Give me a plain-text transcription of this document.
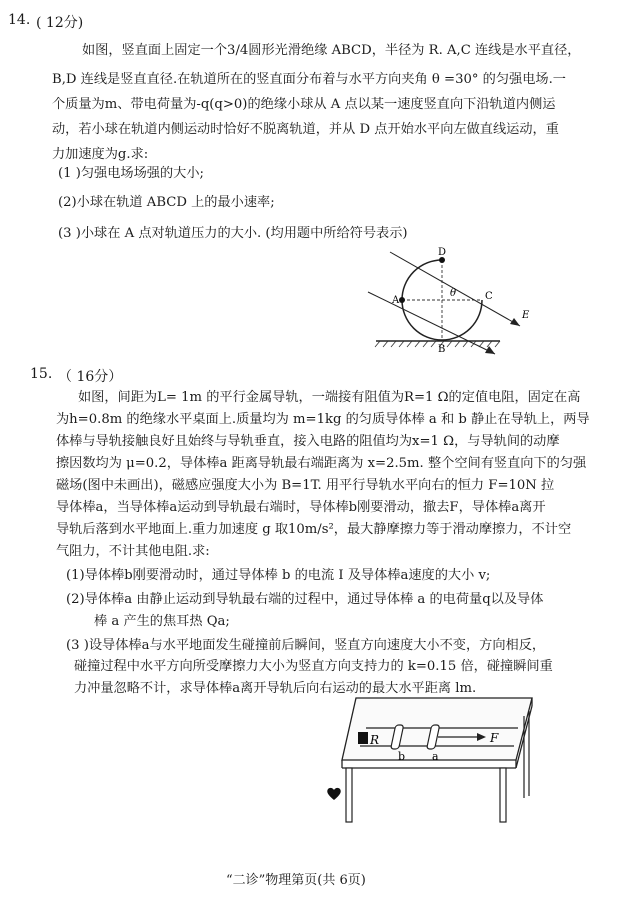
14. ( 12分)
如图，竖直面上固定一个3/4圆形光滑绝缘 ABCD，半径为 R. A,C 连线是水平直径，
B,D 连线是竖直直径.在轨道所在的竖直面分布着与水平方向夹角 θ =30° 的匀强电场.一
个质量为m、带电荷量为-q(q>0)的绝缘小球从 A 点以某一速度竖直向下沿轨道内侧运
动，若小球在轨道内侧运动时恰好不脱离轨道，并从 D 点开始水平向左做直线运动，重
力加速度为g.求:
(1 )匀强电场场强的大小;
(2)小球在轨道 ABCD 上的最小速率;
(3 )小球在 A 点对轨道压力的大小. (均用题中所给符号表示)
D
A	C
B
θ
E
15. （ 16分）
如图，间距为L= 1m 的平行金属导轨，一端接有阻值为R=1 Ω的定值电阻，固定在高
为h=0.8m 的绝缘水平桌面上.质量均为 m=1kg 的匀质导体棒 a 和 b 静止在导轨上，两导
体棒与导轨接触良好且始终与导轨垂直，接入电路的阻值均为x=1 Ω，与导轨间的动摩
擦因数均为 μ=0.2，导体棒a 距离导轨最右端距离为 x=2.5m. 整个空间有竖直向下的匀强
磁场(图中未画出)，磁感应强度大小为 B=1T. 用平行导轨水平向右的恒力 F=10N 拉
导体棒a，当导体棒a运动到导轨最右端时，导体棒b刚要滑动，撤去F，导体棒a离开
导轨后落到水平地面上.重力加速度 g 取10m/s²，最大静摩擦力等于滑动摩擦力，不计空
气阻力，不计其他电阻.求:
(1)导体棒b刚要滑动时，通过导体棒 b 的电流 I 及导体棒a速度的大小 v;
(2)导体棒a 由静止运动到导轨最右端的过程中，通过导体棒 a 的电荷量q以及导体
棒 a 产生的焦耳热 Qa;
(3 )设导体棒a与水平地面发生碰撞前后瞬间，竖直方向速度大小不变，方向相反，
碰撞过程中水平方向所受摩擦力大小为竖直方向支持力的 k=0.15 倍，碰撞瞬间重
力冲量忽略不计，求导体棒a离开导轨后向右运动的最大水平距离 lm.
R	F
b a
“二诊”物理第页(共 6页)
